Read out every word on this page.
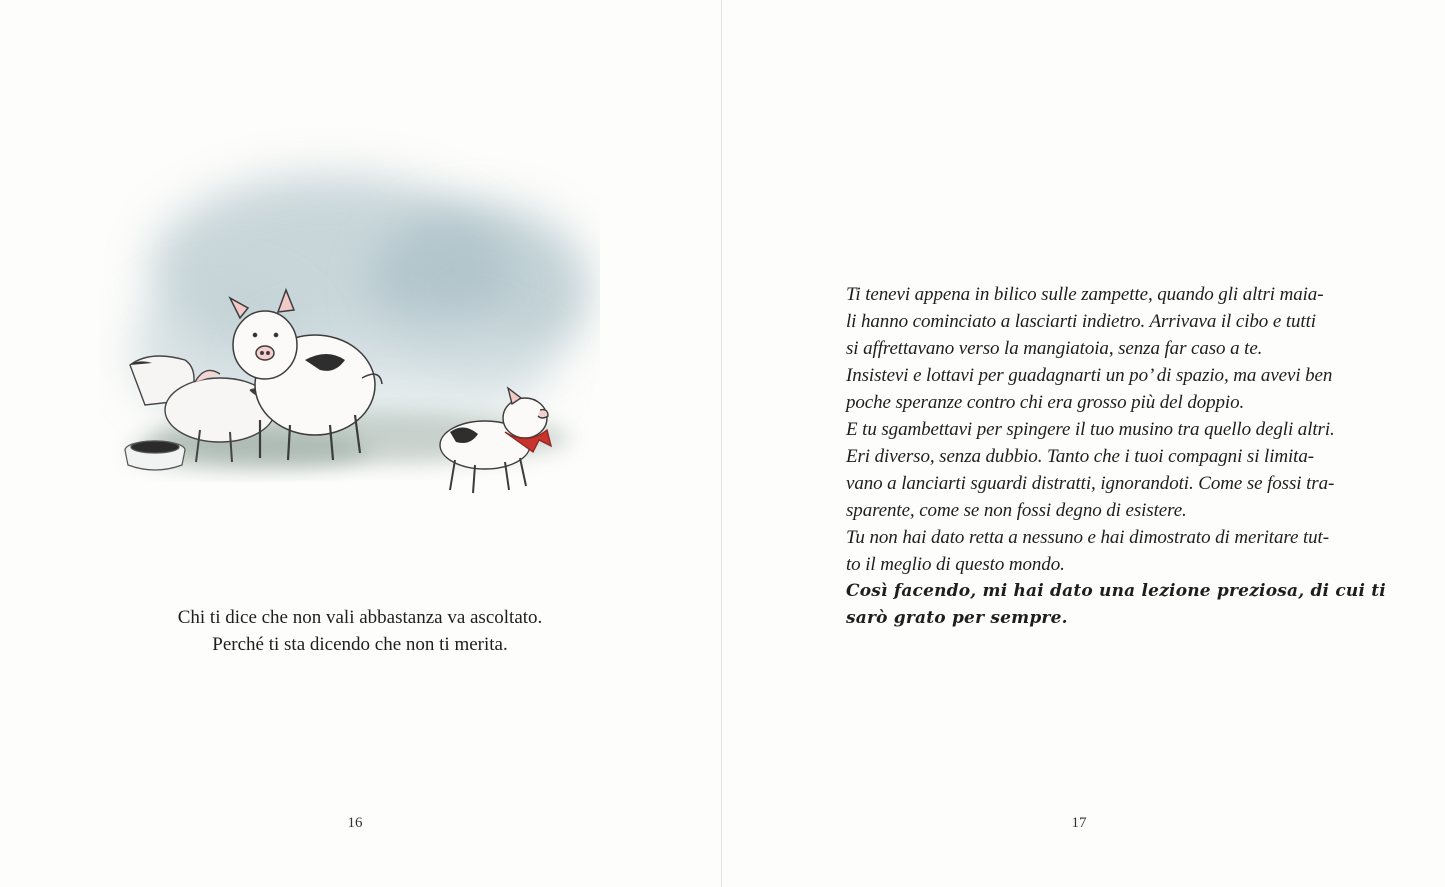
Chi ti dice che non vali abbastanza va ascoltato.
Perché ti sta dicendo che non ti merita.
16
Ti tenevi appena in bilico sulle zampette, quando gli altri maia-
li hanno cominciato a lasciarti indietro. Arrivava il cibo e tutti
si affrettavano verso la mangiatoia, senza far caso a te.
Insistevi e lottavi per guadagnarti un po’ di spazio, ma avevi ben
poche speranze contro chi era grosso più del doppio.
E tu sgambettavi per spingere il tuo musino tra quello degli altri.
Eri diverso, senza dubbio. Tanto che i tuoi compagni si limita-
vano a lanciarti sguardi distratti, ignorandoti. Come se fossi tra-
sparente, come se non fossi degno di esistere.
Tu non hai dato retta a nessuno e hai dimostrato di meritare tut-
to il meglio di questo mondo.
Così facendo, mi hai dato una lezione preziosa, di cui ti
sarò grato per sempre.
17
